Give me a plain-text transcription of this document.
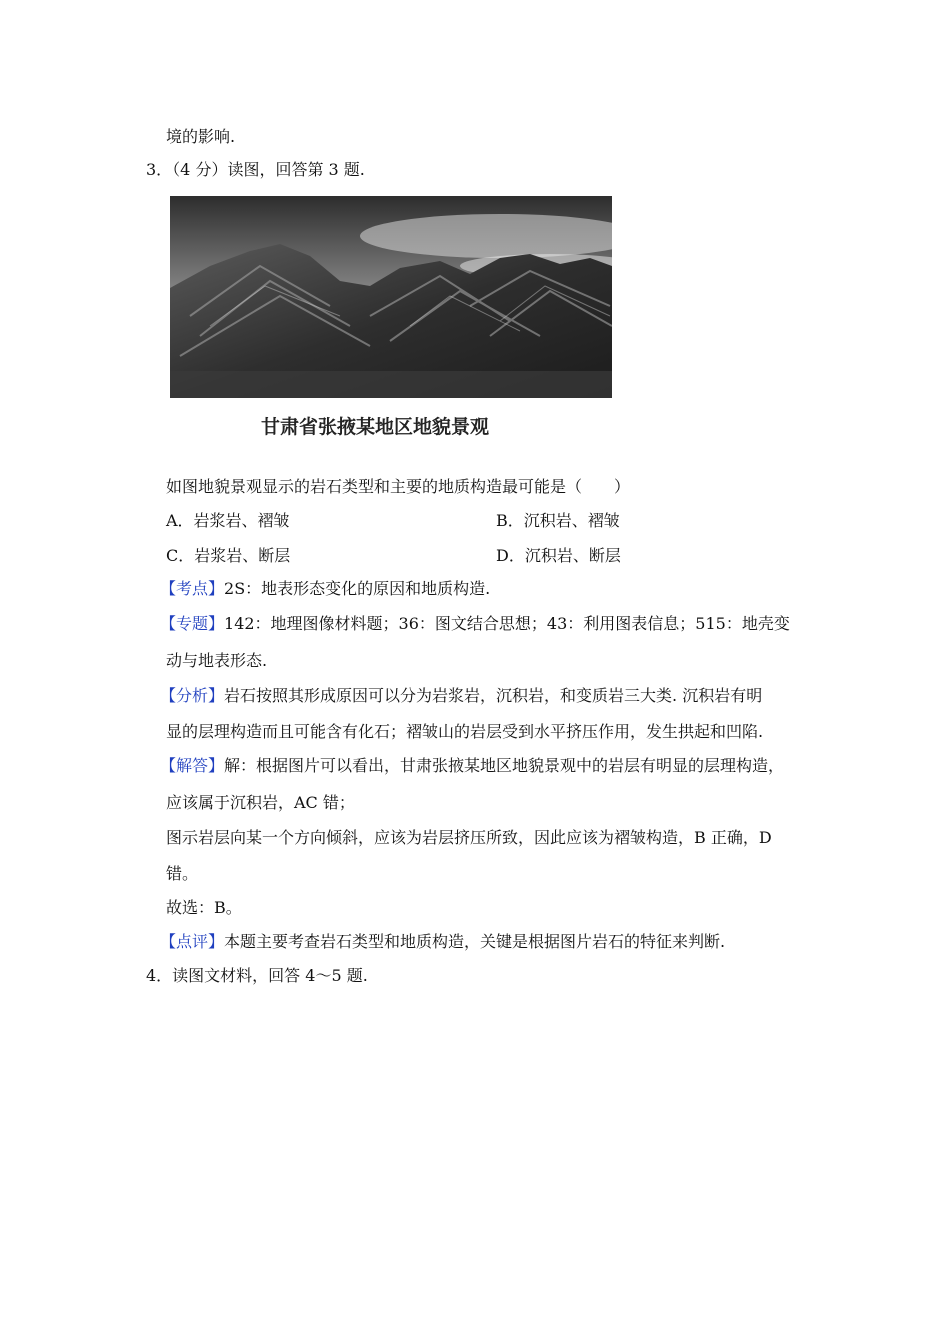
境的影响.
3．（4 分）读图，回答第 3 题.
甘肃省张掖某地区地貌景观
如图地貌景观显示的岩石类型和主要的地质构造最可能是（　　）
A．岩浆岩、褶皱	B．沉积岩、褶皱
C．岩浆岩、断层	D．沉积岩、断层
【考点】2S：地表形态变化的原因和地质构造.
【专题】142：地理图像材料题；36：图文结合思想；43：利用图表信息；515：地壳变
动与地表形态.
【分析】岩石按照其形成原因可以分为岩浆岩，沉积岩，和变质岩三大类. 沉积岩有明
显的层理构造而且可能含有化石；褶皱山的岩层受到水平挤压作用，发生拱起和凹陷.
【解答】解：根据图片可以看出，甘肃张掖某地区地貌景观中的岩层有明显的层理构造，
应该属于沉积岩，AC 错；
图示岩层向某一个方向倾斜，应该为岩层挤压所致，因此应该为褶皱构造，B 正确，D
错。
故选：B。
【点评】本题主要考查岩石类型和地质构造，关键是根据图片岩石的特征来判断.
4．读图文材料，回答 4～5 题.
